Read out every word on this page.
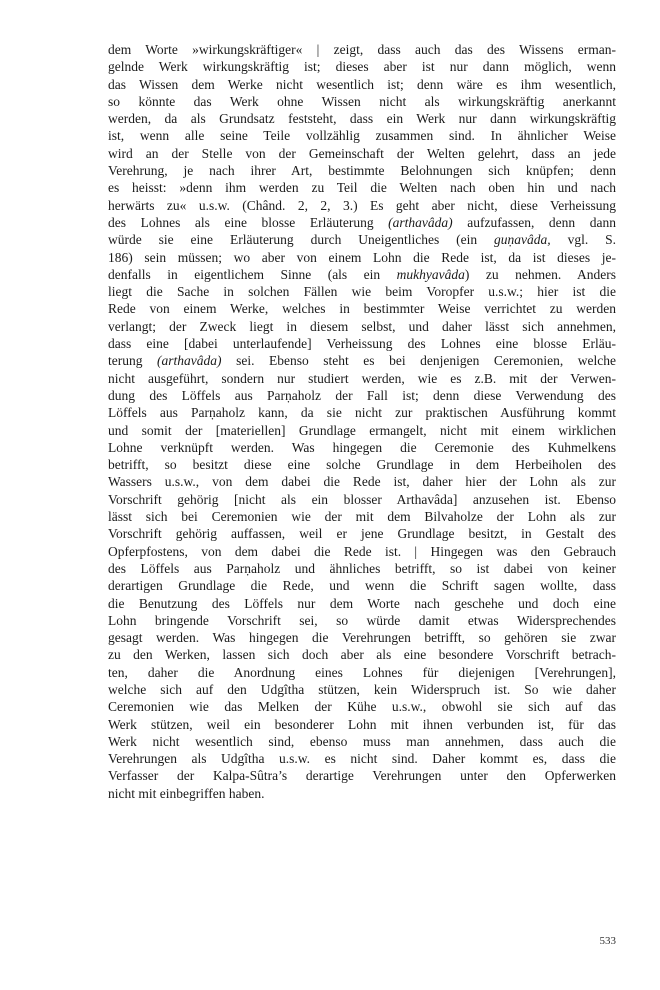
dem Worte »wirkungskräftiger« | zeigt, dass auch das des Wissens erman-
gelnde Werk wirkungskräftig ist; dieses aber ist nur dann möglich, wenn
das Wissen dem Werke nicht wesentlich ist; denn wäre es ihm wesentlich,
so könnte das Werk ohne Wissen nicht als wirkungskräftig anerkannt
werden, da als Grundsatz feststeht, dass ein Werk nur dann wirkungskräftig
ist, wenn alle seine Teile vollzählig zusammen sind. In ähnlicher Weise
wird an der Stelle von der Gemeinschaft der Welten gelehrt, dass an jede
Verehrung, je nach ihrer Art, bestimmte Belohnungen sich knüpfen; denn
es heisst: »denn ihm werden zu Teil die Welten nach oben hin und nach
herwärts zu« u.s.w. (Chând. 2, 2, 3.) Es geht aber nicht, diese Verheissung
des Lohnes als eine blosse Erläuterung (arthavâda) aufzufassen, denn dann
würde sie eine Erläuterung durch Uneigentliches (ein guṇavâda, vgl. S.
186) sein müssen; wo aber von einem Lohn die Rede ist, da ist dieses je-
denfalls in eigentlichem Sinne (als ein mukhyavâda) zu nehmen. Anders
liegt die Sache in solchen Fällen wie beim Voropfer u.s.w.; hier ist die
Rede von einem Werke, welches in bestimmter Weise verrichtet zu werden
verlangt; der Zweck liegt in diesem selbst, und daher lässt sich annehmen,
dass eine [dabei unterlaufende] Verheissung des Lohnes eine blosse Erläu-
terung (arthavâda) sei. Ebenso steht es bei denjenigen Ceremonien, welche
nicht ausgeführt, sondern nur studiert werden, wie es z.B. mit der Verwen-
dung des Löffels aus Parṇaholz der Fall ist; denn diese Verwendung des
Löffels aus Parṇaholz kann, da sie nicht zur praktischen Ausführung kommt
und somit der [materiellen] Grundlage ermangelt, nicht mit einem wirklichen
Lohne verknüpft werden. Was hingegen die Ceremonie des Kuhmelkens
betrifft, so besitzt diese eine solche Grundlage in dem Herbeiholen des
Wassers u.s.w., von dem dabei die Rede ist, daher hier der Lohn als zur
Vorschrift gehörig [nicht als ein blosser Arthavâda] anzusehen ist. Ebenso
lässt sich bei Ceremonien wie der mit dem Bilvaholze der Lohn als zur
Vorschrift gehörig auffassen, weil er jene Grundlage besitzt, in Gestalt des
Opferpfostens, von dem dabei die Rede ist. | Hingegen was den Gebrauch
des Löffels aus Parṇaholz und ähnliches betrifft, so ist dabei von keiner
derartigen Grundlage die Rede, und wenn die Schrift sagen wollte, dass
die Benutzung des Löffels nur dem Worte nach geschehe und doch eine
Lohn bringende Vorschrift sei, so würde damit etwas Widersprechendes
gesagt werden. Was hingegen die Verehrungen betrifft, so gehören sie zwar
zu den Werken, lassen sich doch aber als eine besondere Vorschrift betrach-
ten, daher die Anordnung eines Lohnes für diejenigen [Verehrungen],
welche sich auf den Udgîtha stützen, kein Widerspruch ist. So wie daher
Ceremonien wie das Melken der Kühe u.s.w., obwohl sie sich auf das
Werk stützen, weil ein besonderer Lohn mit ihnen verbunden ist, für das
Werk nicht wesentlich sind, ebenso muss man annehmen, dass auch die
Verehrungen als Udgîtha u.s.w. es nicht sind. Daher kommt es, dass die
Verfasser der Kalpa-Sûtra’s derartige Verehrungen unter den Opferwerken
nicht mit einbegriffen haben.
533
